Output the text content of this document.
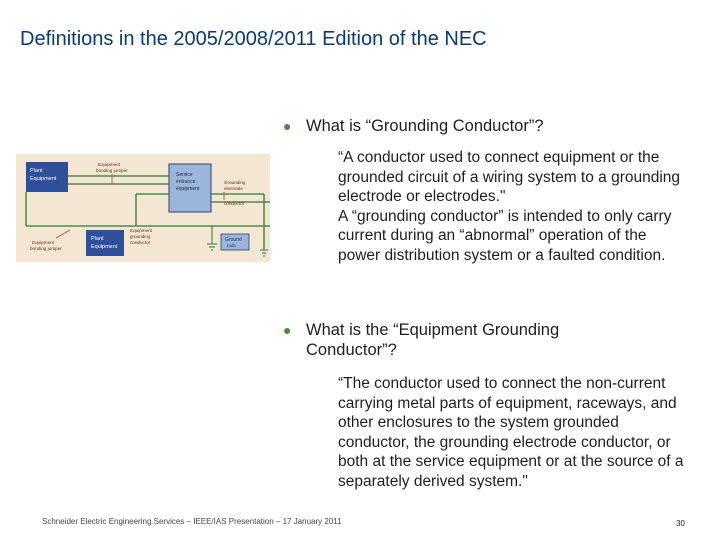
Definitions in the 2005/2008/2011 Edition of the NEC
Plant
Equipment
Service
entrance
equipment
Plant
Equipment
Ground
rods
Equipment
bonding jumper
Grounding
electrode
conductor
Equipment
grounding
conductor
Equipment
bonding jumper
● What is “Grounding Conductor”?

“A conductor used to connect equipment or the grounded circuit of a wiring system to a grounding electrode or electrodes."

A “grounding conductor” is intended to only carry current during an “abnormal” operation of the power distribution system or a faulted condition.

● What is the “Equipment Grounding Conductor”?

“The conductor used to connect the non-current carrying metal parts of equipment, raceways, and other enclosures to the system grounded conductor, the grounding electrode conductor, or both at the service equipment or at the source of a separately derived system."

Schneider Electric Engineering Services – IEEE/IAS Presentation – 17 January 2011	30
